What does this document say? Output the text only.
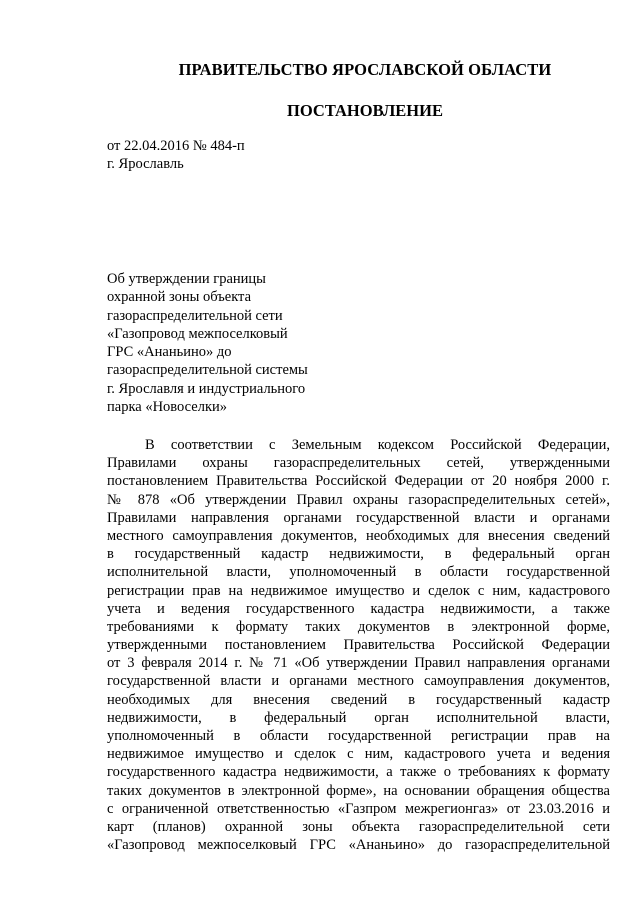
ПРАВИТЕЛЬСТВО ЯРОСЛАВСКОЙ ОБЛАСТИ
ПОСТАНОВЛЕНИЕ
от 22.04.2016 № 484-п
г. Ярославль
Об утверждении границы
охранной зоны объекта
газораспределительной сети
«Газопровод межпоселковый
ГРС «Ананьино» до
газораспределительной системы
г. Ярославля и индустриального
парка «Новоселки»
В соответствии с Земельным кодексом Российской Федерации,
Правилами охраны газораспределительных сетей, утвержденными
постановлением Правительства Российской Федерации от 20 ноября 2000 г.
№ 878 «Об утверждении Правил охраны газораспределительных сетей»,
Правилами направления органами государственной власти и органами
местного самоуправления документов, необходимых для внесения сведений
в государственный кадастр недвижимости, в федеральный орган
исполнительной власти, уполномоченный в области государственной
регистрации прав на недвижимое имущество и сделок с ним, кадастрового
учета и ведения государственного кадастра недвижимости, а также
требованиями к формату таких документов в электронной форме,
утвержденными постановлением Правительства Российской Федерации
от 3 февраля 2014 г. № 71 «Об утверждении Правил направления органами
государственной власти и органами местного самоуправления документов,
необходимых для внесения сведений в государственный кадастр
недвижимости, в федеральный орган исполнительной власти,
уполномоченный в области государственной регистрации прав на
недвижимое имущество и сделок с ним, кадастрового учета и ведения
государственного кадастра недвижимости, а также о требованиях к формату
таких документов в электронной форме», на основании обращения общества
с ограниченной ответственностью «Газпром межрегионгаз» от 23.03.2016 и
карт (планов) охранной зоны объекта газораспределительной сети
«Газопровод межпоселковый ГРС «Ананьино» до газораспределительной
